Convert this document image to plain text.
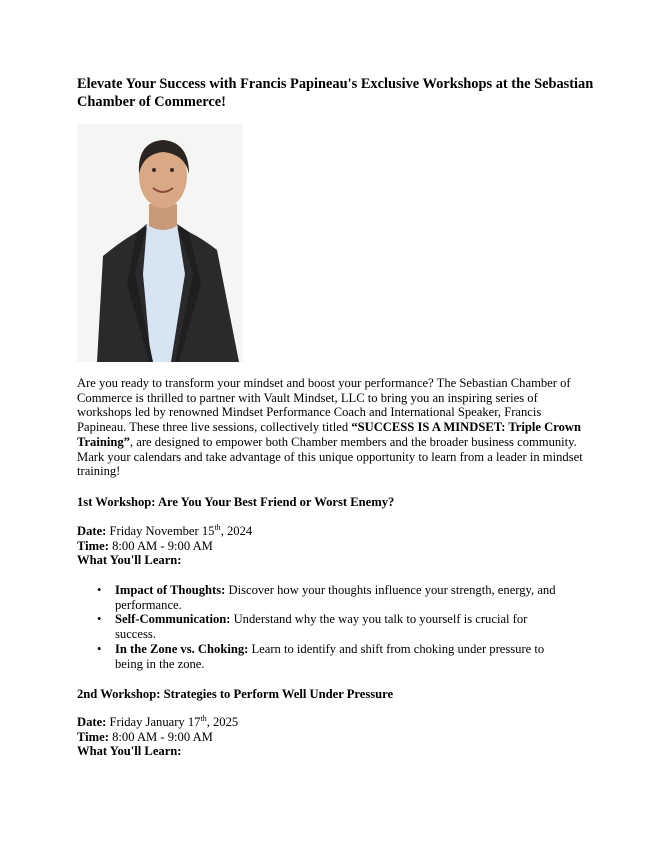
Elevate Your Success with Francis Papineau's Exclusive Workshops at the Sebastian Chamber of Commerce!

Are you ready to transform your mindset and boost your performance? The Sebastian Chamber of Commerce is thrilled to partner with Vault Mindset, LLC to bring you an inspiring series of workshops led by renowned Mindset Performance Coach and International Speaker, Francis Papineau. These three live sessions, collectively titled “SUCCESS IS A MINDSET: Triple Crown Training”, are designed to empower both Chamber members and the broader business community. Mark your calendars and take advantage of this unique opportunity to learn from a leader in mindset training!

1st Workshop: Are You Your Best Friend or Worst Enemy?
Date: Friday November 15th, 2024
Time: 8:00 AM - 9:00 AM
What You'll Learn:
• Impact of Thoughts: Discover how your thoughts influence your strength, energy, and performance.
• Self-Communication: Understand why the way you talk to yourself is crucial for success.
• In the Zone vs. Choking: Learn to identify and shift from choking under pressure to being in the zone.
2nd Workshop: Strategies to Perform Well Under Pressure
Date: Friday January 17th, 2025
Time: 8:00 AM - 9:00 AM
What You'll Learn:
